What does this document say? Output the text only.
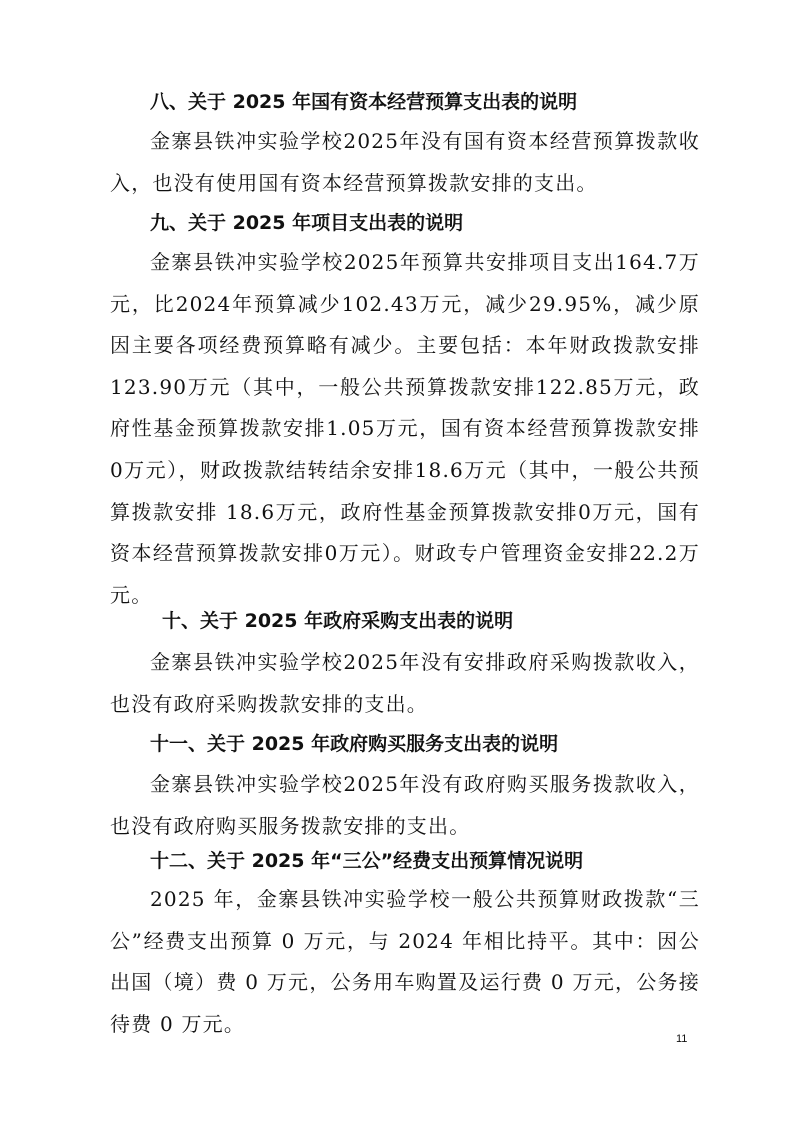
八、关于 2025 年国有资本经营预算支出表的说明
金寨县铁冲实验学校2025年没有国有资本经营预算拨款收入，也没有使用国有资本经营预算拨款安排的支出。
九、关于 2025 年项目支出表的说明
金寨县铁冲实验学校2025年预算共安排项目支出164.7万元，比2024年预算减少102.43万元，减少29.95%，减少原因主要各项经费预算略有减少。主要包括：本年财政拨款安排123.90万元（其中，一般公共预算拨款安排122.85万元，政府性基金预算拨款安排1.05万元，国有资本经营预算拨款安排0万元），财政拨款结转结余安排18.6万元（其中，一般公共预算拨款安排 18.6万元，政府性基金预算拨款安排0万元，国有资本经营预算拨款安排0万元）。财政专户管理资金安排22.2万元。
十、关于 2025 年政府采购支出表的说明
金寨县铁冲实验学校2025年没有安排政府采购拨款收入，也没有政府采购拨款安排的支出。
十一、关于 2025 年政府购买服务支出表的说明
金寨县铁冲实验学校2025年没有政府购买服务拨款收入，也没有政府购买服务拨款安排的支出。
十二、关于 2025 年“三公”经费支出预算情况说明
2025 年，金寨县铁冲实验学校一般公共预算财政拨款“三公”经费支出预算 0 万元，与 2024 年相比持平。其中：因公出国（境）费 0 万元，公务用车购置及运行费 0 万元，公务接待费 0 万元。
11
